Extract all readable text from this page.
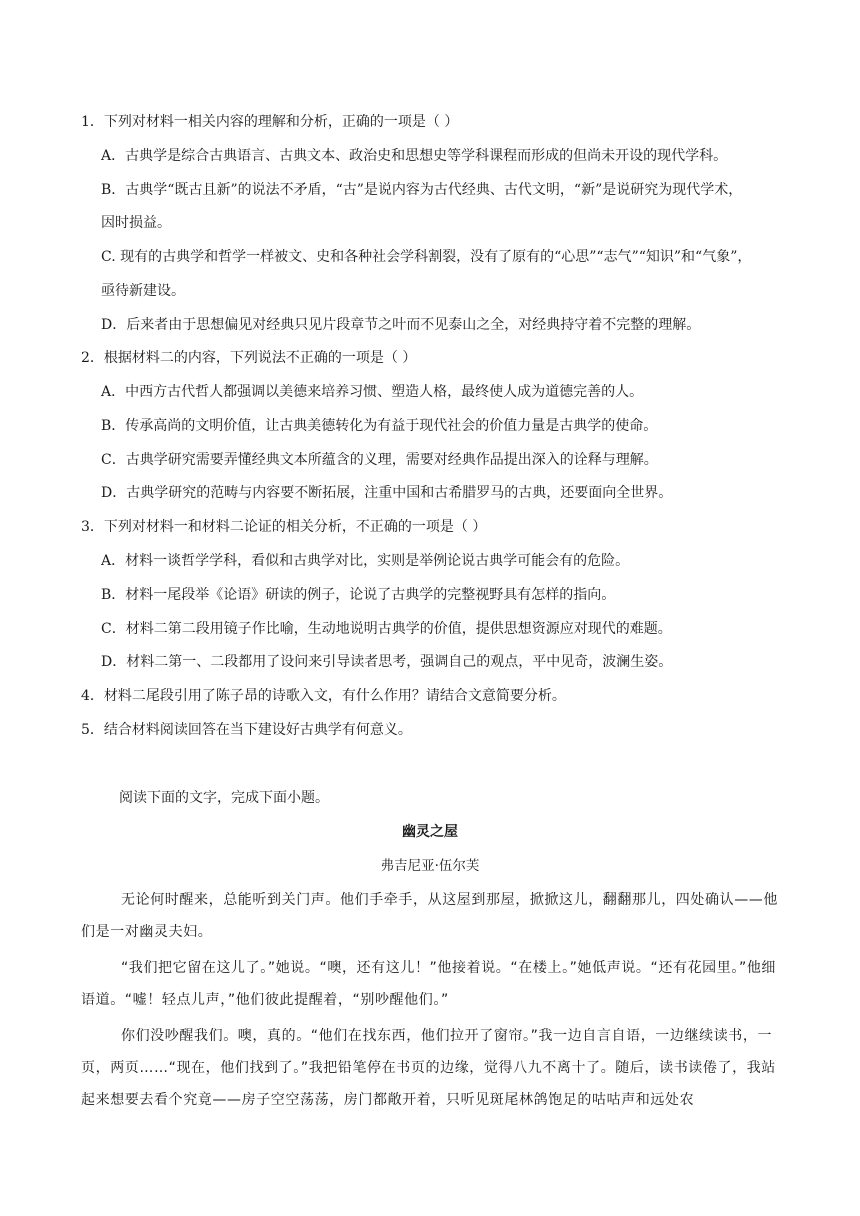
1．下列对材料一相关内容的理解和分析，正确的一项是（ ）
A．古典学是综合古典语言、古典文本、政治史和思想史等学科课程而形成的但尚未开设的现代学科。
B．古典学“既古且新”的说法不矛盾，“古”是说内容为古代经典、古代文明，“新”是说研究为现代学术，
因时损益。
C. 现有的古典学和哲学一样被文、史和各种社会学科割裂，没有了原有的“心思”“志气”“知识”和“气象”，
亟待新建设。
D．后来者由于思想偏见对经典只见片段章节之叶而不见泰山之全，对经典持守着不完整的理解。
2．根据材料二的内容，下列说法不正确的一项是（ ）
A．中西方古代哲人都强调以美德来培养习惯、塑造人格，最终使人成为道德完善的人。
B．传承高尚的文明价值，让古典美德转化为有益于现代社会的价值力量是古典学的使命。
C．古典学研究需要弄懂经典文本所蕴含的义理，需要对经典作品提出深入的诠释与理解。
D．古典学研究的范畴与内容要不断拓展，注重中国和古希腊罗马的古典，还要面向全世界。
3．下列对材料一和材料二论证的相关分析，不正确的一项是（ ）
A．材料一谈哲学学科，看似和古典学对比，实则是举例论说古典学可能会有的危险。
B．材料一尾段举《论语》研读的例子，论说了古典学的完整视野具有怎样的指向。
C．材料二第二段用镜子作比喻，生动地说明古典学的价值，提供思想资源应对现代的难题。
D．材料二第一、二段都用了设问来引导读者思考，强调自己的观点，平中见奇，波澜生姿。
4．材料二尾段引用了陈子昂的诗歌入文，有什么作用？请结合文意简要分析。
5．结合材料阅读回答在当下建设好古典学有何意义。
阅读下面的文字，完成下面小题。
幽灵之屋
弗吉尼亚·伍尔芙
无论何时醒来，总能听到关门声。他们手牵手，从这屋到那屋，掀掀这儿，翻翻那儿，四处确认——他们是一对幽灵夫妇。
“我们把它留在这儿了。”她说。“噢，还有这儿！”他接着说。“在楼上。”她低声说。“还有花园里。”他细语道。“嘘！轻点儿声，”他们彼此提醒着，“别吵醒他们。”
你们没吵醒我们。噢，真的。“他们在找东西，他们拉开了窗帘。”我一边自言自语，一边继续读书，一页，两页……“现在，他们找到了。”我把铅笔停在书页的边缘，觉得八九不离十了。随后，读书读倦了，我站起来想要去看个究竟——房子空空荡荡，房门都敞开着，只听见斑尾林鸽饱足的咕咕声和远处农
